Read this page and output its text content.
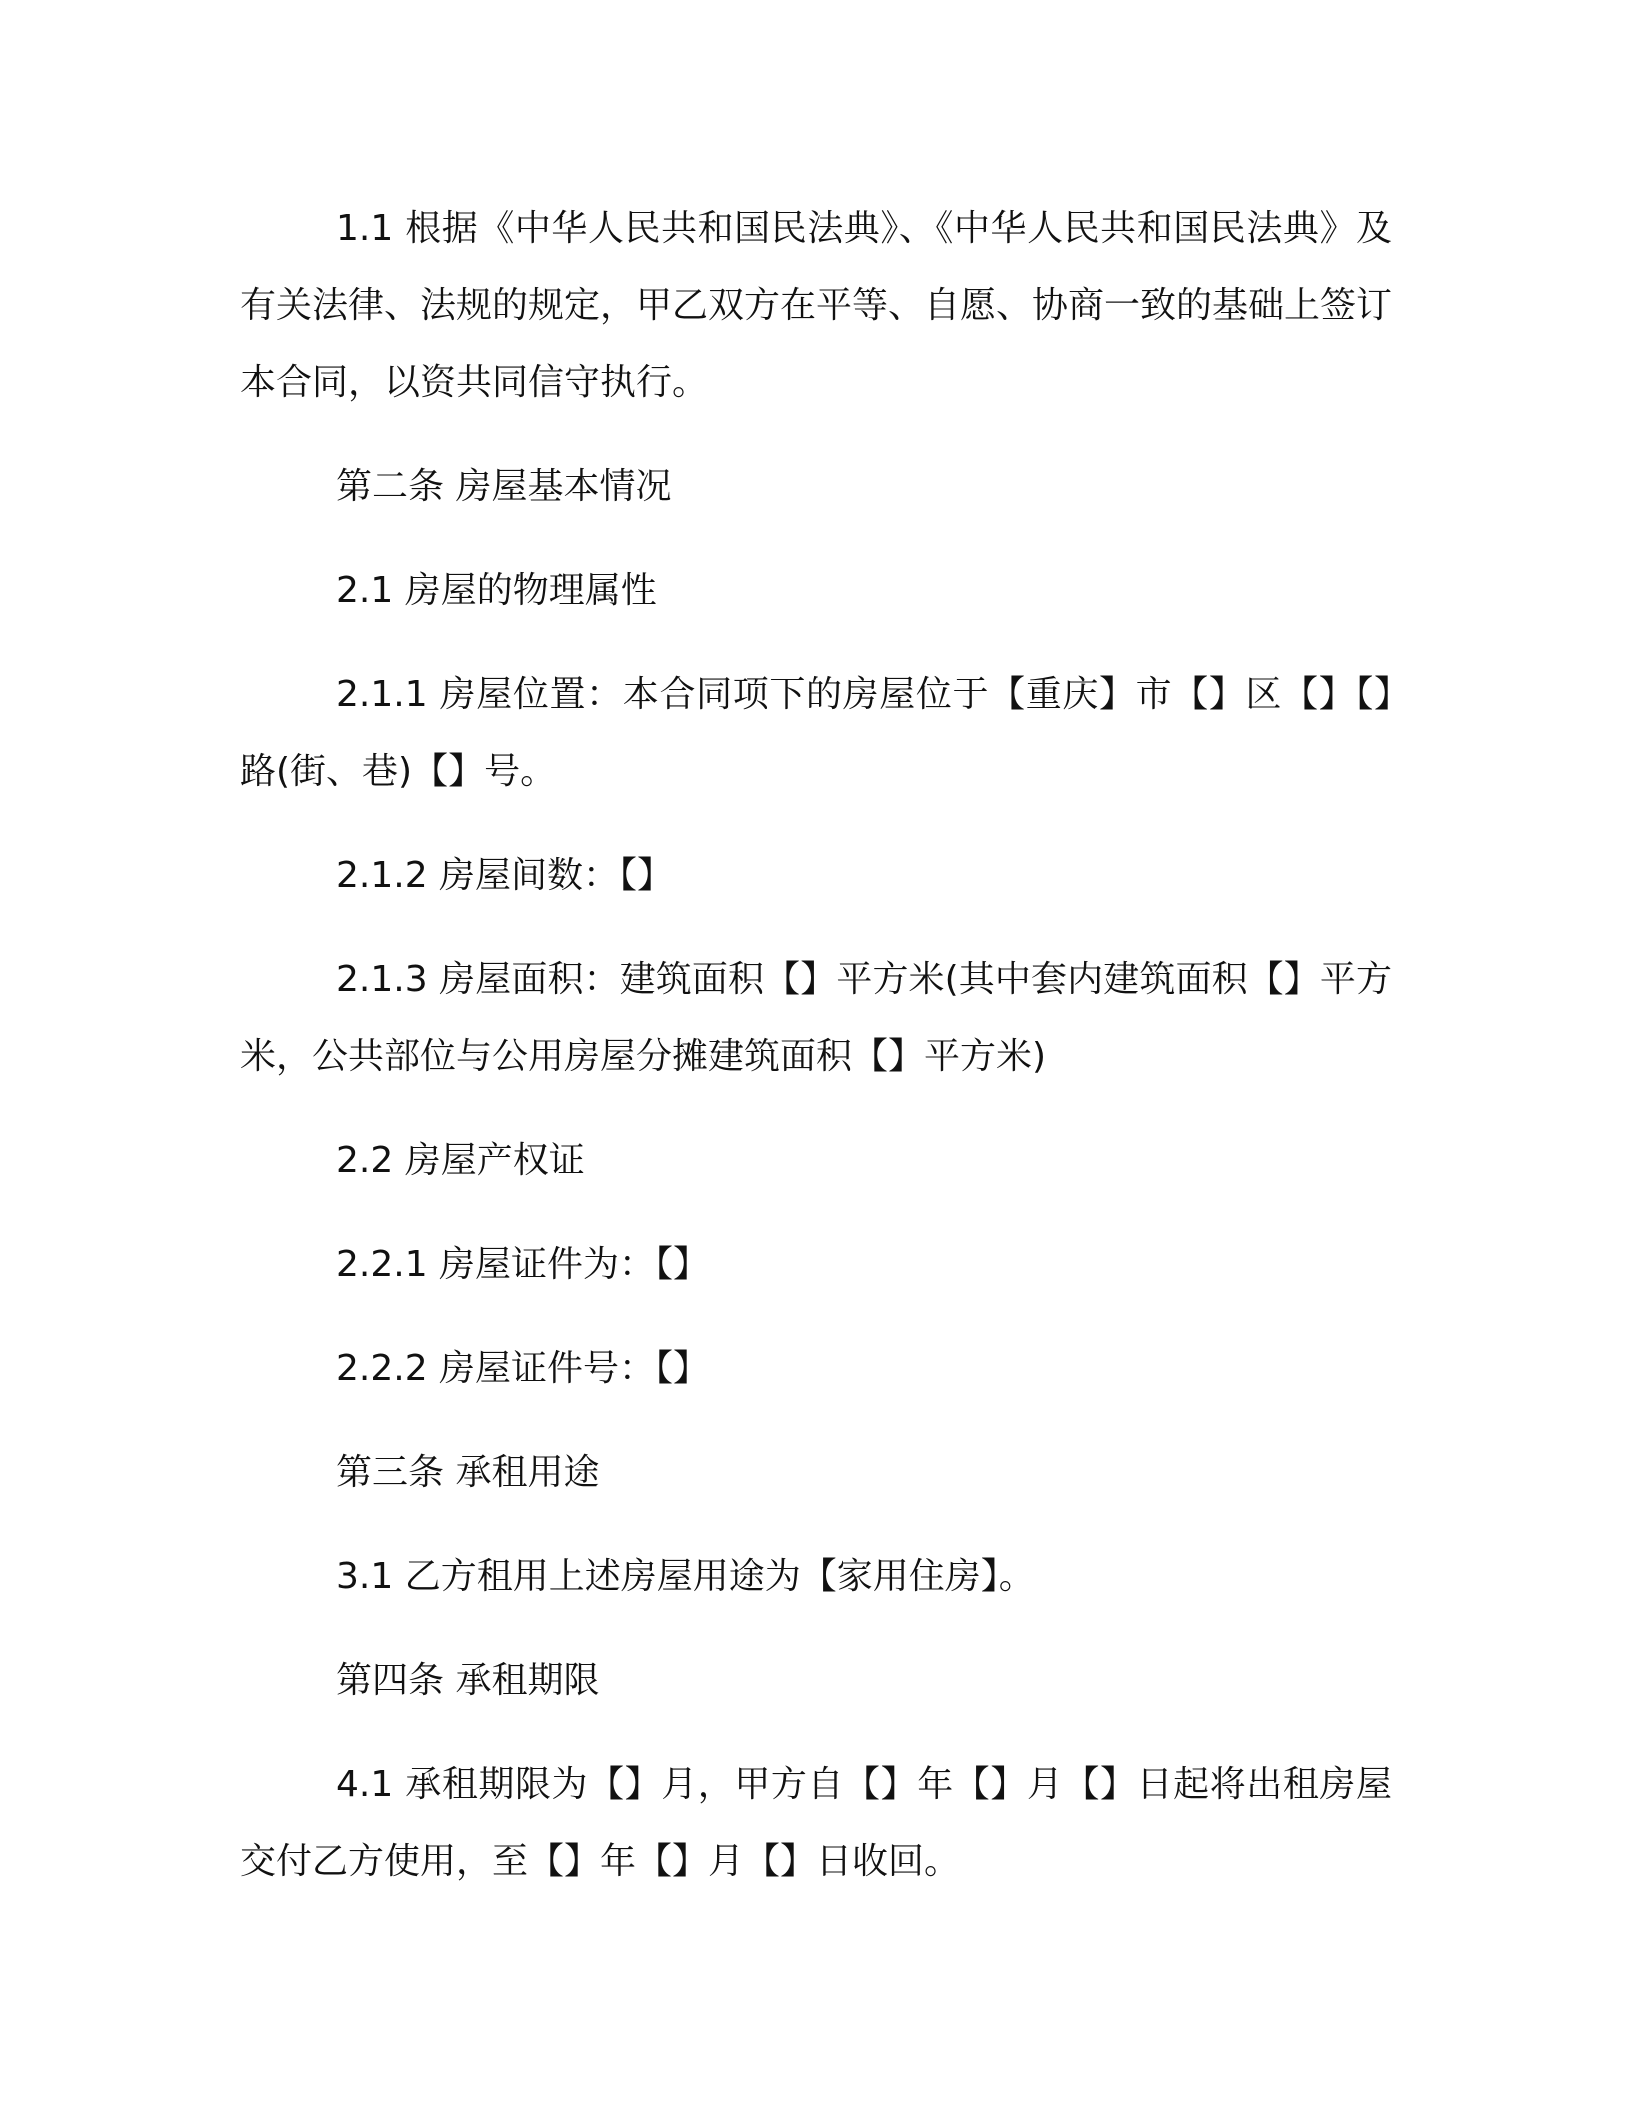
1.1 根据《中华人民共和国民法典》、《中华人民共和国民法典》及有关法律、法规的规定，甲乙双方在平等、自愿、协商一致的基础上签订本合同，以资共同信守执行。

第二条 房屋基本情况

2.1 房屋的物理属性

2.1.1 房屋位置：本合同项下的房屋位于【重庆】市【】区【】【】路(街、巷)【】号。

2.1.2 房屋间数：【】

2.1.3 房屋面积：建筑面积【】平方米(其中套内建筑面积【】平方米，公共部位与公用房屋分摊建筑面积【】平方米)

2.2 房屋产权证

2.2.1 房屋证件为：【】

2.2.2 房屋证件号：【】

第三条 承租用途

3.1 乙方租用上述房屋用途为【家用住房】。

第四条 承租期限

4.1 承租期限为【】月，甲方自【】年【】月【】日起将出租房屋交付乙方使用，至【】年【】月【】日收回。
